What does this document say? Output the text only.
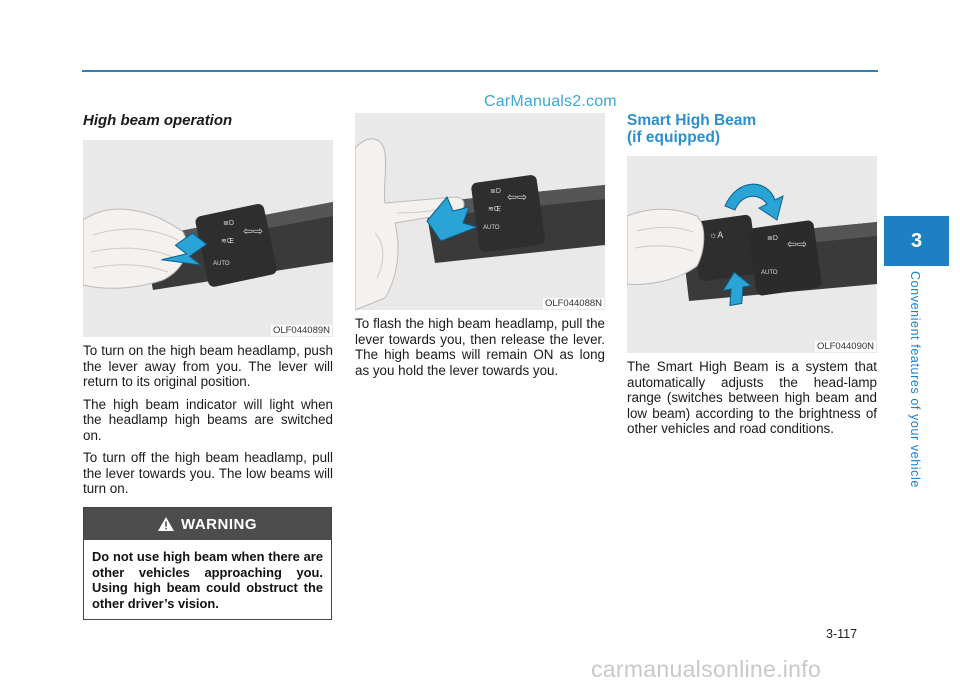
CarManuals2.com
High beam operation
≣D
≋Œ
⇦⇨
AUTO
OLF044089N

To turn on the high beam headlamp, push the lever away from you. The lever will return to its original position.

The high beam indicator will light when the headlamp high beams are switched on.

To turn off the high beam headlamp, pull the lever towards you. The low beams will turn on.

WARNING
Do not use high beam when there are other vehicles approaching you. Using high beam could obstruct the other driver’s vision.
≣D
≋Œ
⇦⇨
AUTO
OLF044088N

To flash the high beam headlamp, pull the lever towards you, then release the lever. The high beams will remain ON as long as you hold the lever towards you.

Smart High Beam
(if equipped)
☼A	≣D ⇦⇨
AUTO
OLF044090N

The Smart High Beam is a system that automatically adjusts the head-lamp range (switches between high beam and low beam) according to the brightness of other vehicles and road conditions.

3
Convenient features of your vehicle
3-117
carmanualsonline.info
